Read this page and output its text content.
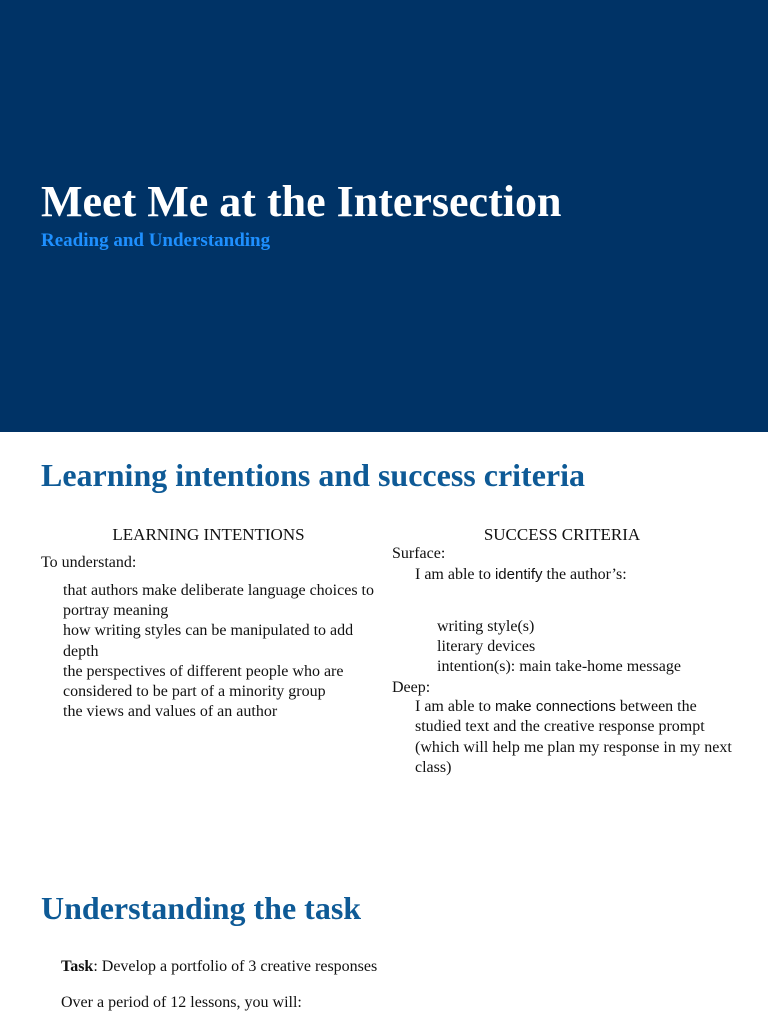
Meet Me at the Intersection

Reading and Understanding

Learning intentions and success criteria
LEARNING INTENTIONS

To understand:

that authors make deliberate language choices to portray meaning
how writing styles can be manipulated to add depth
the perspectives of different people who are considered to be part of a minority group
the views and values of an author
SUCCESS CRITERIA

Surface:

I am able to identify the author’s:

writing style(s)
literary devices
intention(s): main take-home message

Deep:

I am able to make connections between the studied text and the creative response prompt (which will help me plan my response in my next class)

Understanding the task

Task: Develop a portfolio of 3 creative responses

Over a period of 12 lessons, you will:
